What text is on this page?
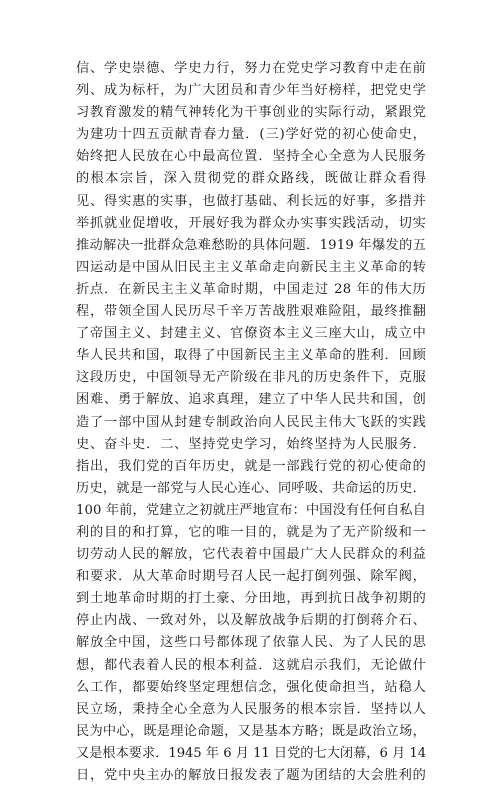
信、学史崇德、学史力行，努力在党史学习教育中走在前
列、成为标杆，为广大团员和青少年当好榜样，把党史学
习教育激发的精气神转化为干事创业的实际行动，紧跟党
为建功十四五贡献青春力量．(三)学好党的初心使命史，
始终把人民放在心中最高位置．坚持全心全意为人民服务
的根本宗旨，深入贯彻党的群众路线，既做让群众看得
见、得实惠的实事，也做打基础、利长远的好事，多措并
举抓就业促增收，开展好我为群众办实事实践活动，切实
推动解决一批群众急难愁盼的具体问题．1919 年爆发的五
四运动是中国从旧民主主义革命走向新民主主义革命的转
折点．在新民主主义革命时期，中国走过 28 年的伟大历
程，带领全国人民历尽千辛万苦战胜艰难险阻，最终推翻
了帝国主义、封建主义、官僚资本主义三座大山，成立中
华人民共和国，取得了中国新民主主义革命的胜利．回顾
这段历史，中国领导无产阶级在非凡的历史条件下，克服
困难、勇于解放、追求真理，建立了中华人民共和国，创
造了一部中国从封建专制政治向人民民主伟大飞跃的实践
史、奋斗史．二、坚持党史学习，始终坚持为人民服务．
指出，我们党的百年历史，就是一部践行党的初心使命的
历史，就是一部党与人民心连心、同呼吸、共命运的历史．
100 年前，党建立之初就庄严地宣布：中国没有任何自私自
利的目的和打算，它的唯一目的，就是为了无产阶级和一
切劳动人民的解放，它代表着中国最广大人民群众的利益
和要求．从大革命时期号召人民一起打倒列强、除军阀，
到土地革命时期的打土豪、分田地，再到抗日战争初期的
停止内战、一致对外，以及解放战争后期的打倒蒋介石、
解放全中国，这些口号都体现了依靠人民、为了人民的思
想，都代表着人民的根本利益．这就启示我们，无论做什
么工作，都要始终坚定理想信念，强化使命担当，站稳人
民立场，秉持全心全意为人民服务的根本宗旨．坚持以人
民为中心，既是理论命题，又是基本方略；既是政治立场，
又是根本要求．1945 年 6 月 11 日党的七大闭幕，6 月 14
日，党中央主办的解放日报发表了题为团结的大会胜利的
